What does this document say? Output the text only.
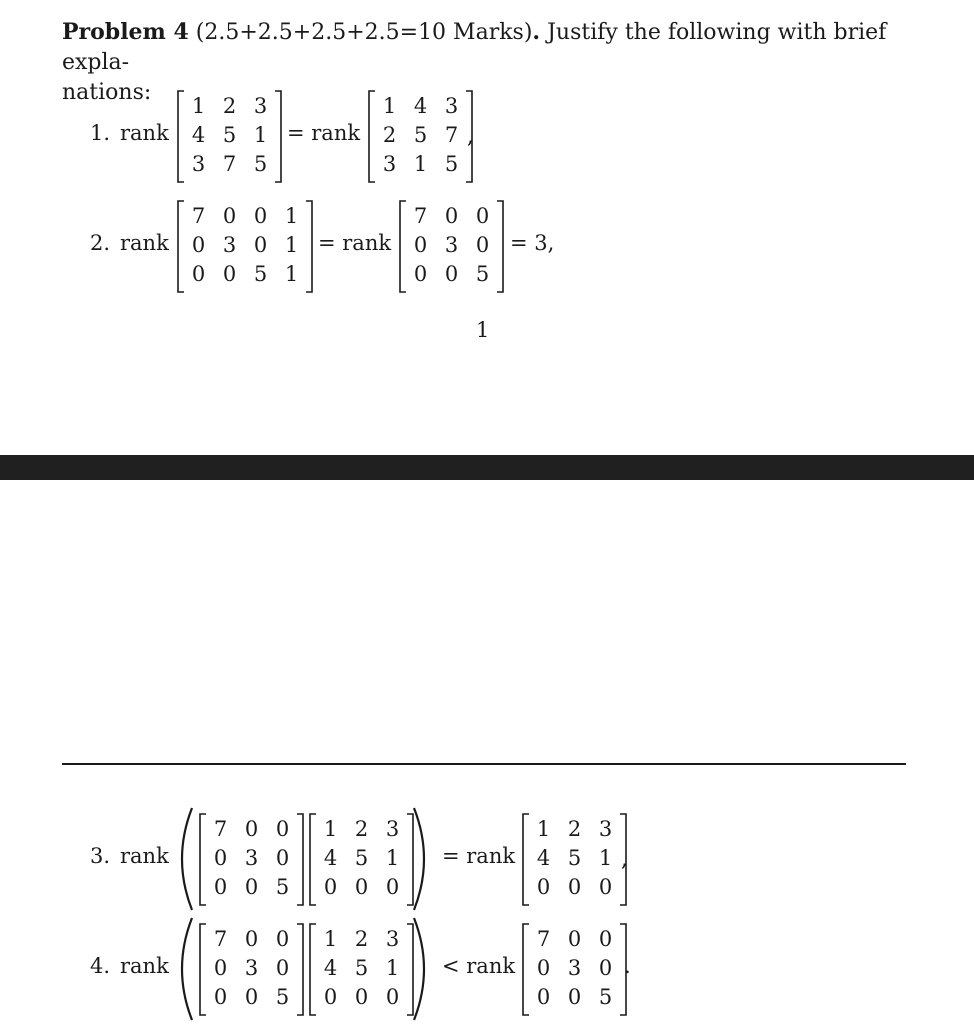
Problem 4 (2.5+2.5+2.5+2.5=10 Marks). Justify the following with brief expla-
nations:
1. rank
1 2 3
4 5 1
3 7 5
= rank
1 4 3
2 5 7
3 1 5
,
2. rank
7 0 0 1
0 3 0 1
0 0 5 1
= rank
7 0 0
0 3 0
0 0 5
= 3,
1
3. rank
7 0 0
0 3 0
0 0 5
1 2 3
4 5 1
0 0 0
= rank
1 2 3
4 5 1
0 0 0
,
4. rank
7 0 0
0 3 0
0 0 5
1 2 3
4 5 1
0 0 0
< rank
7 0 0
0 3 0
0 0 5
.
